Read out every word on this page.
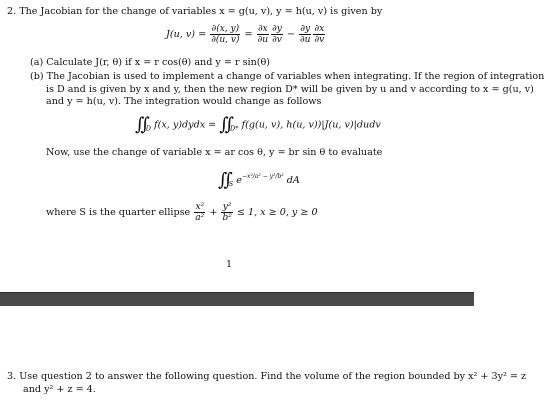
2. The Jacobian for the change of variables x = g(u, v), y = h(u, v) is given by
J(u, $v) = \frac{\partial(x, y)}{\partial(u, v)} = \frac{\partial x}{\partial u} \frac{\partial y}{\partial v} - \frac{\partial y}{\partial u} \frac{\partial x}{\partial v}$
(a) Calculate J(r, θ) if x = r cos(θ) and y = r sin(θ)
(b) The Jacobian is used to implement a change of variables when integrating. If the region of integration
is D and is given by x and y, then the new region D* will be given by u and v according to x = g(u, v)
and y = h(u, v). The integration would change as follows
$\int\int_D$ f(x, y)dydx = $\int\int_{D*}$ f(g(u, v), h(u, v))|J(u, v)|dudv
Now, use the change of variable x = ar cos θ, y = br sin θ to evaluate
$\int\int_S$ $e^{-x^2/a^2 - y^2/b^2}$ dA
where S is the quarter ellipse $\frac{\text{x²}}{\text{a²}} + \frac{\text{y²}}{\text{b²}} \le 1$, x ≥ 0, y ≥ 0
1
3. Use question 2 to answer the following question. Find the volume of the region bounded by x² + 3y² = z
and y² + z = 4.
